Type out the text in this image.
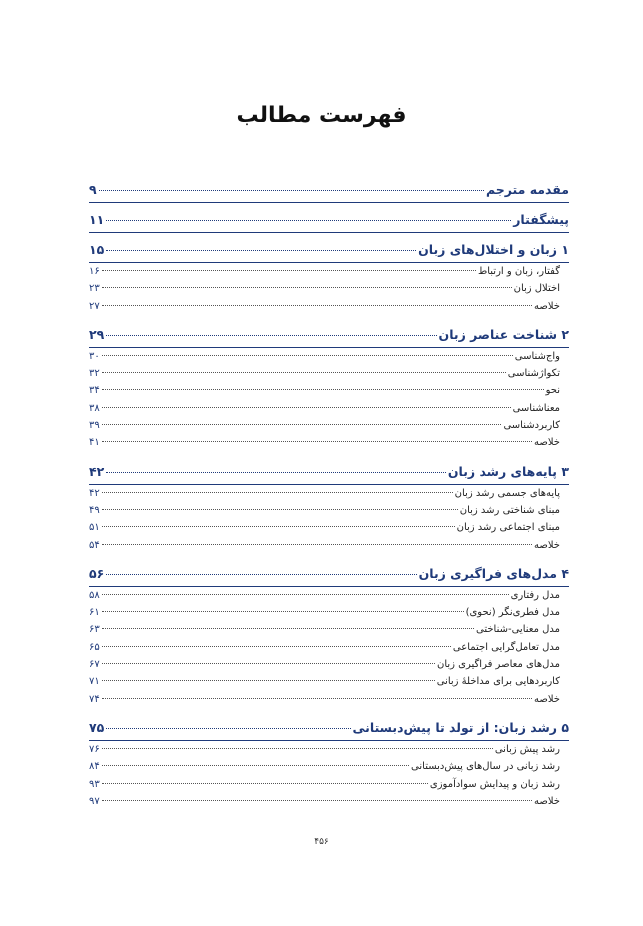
فهرست مطالب
مقدمه مترجم
۹
پیشگفتار
۱۱
۱ زبان و اختلال‌های زبان
۱۵
گفتار، زبان و ارتباط
۱۶
اختلال زبان
۲۳
خلاصه
۲۷
۲ شناخت عناصر زبان
۲۹
واج‌شناسی
۳۰
تکواژشناسی
۳۲
نحو
۳۴
معناشناسی
۳۸
کاربردشناسی
۳۹
خلاصه
۴۱
۳ پایه‌های رشد زبان
۴۲
پایه‌های جسمی رشد زبان
۴۲
مبنای شناختی رشد زبان
۴۹
مبنای اجتماعی رشد زبان
۵۱
خلاصه
۵۴
۴ مدل‌های فراگیری زبان
۵۶
مدل رفتاری
۵۸
مدل فطری‌نگر (نحوی)
۶۱
مدل معنایی-شناختی
۶۳
مدل تعامل‌گرایی اجتماعی
۶۵
مدل‌های معاصر فراگیری زبان
۶۷
کاربردهایی برای مداخلهٔ زبانی
۷۱
خلاصه
۷۴
۵ رشد زبان: از تولد تا پیش‌دبستانی
۷۵
رشد پیش زبانی
۷۶
رشد زبانی در سال‌های پیش‌دبستانی
۸۴
رشد زبان و پیدایش سوادآموزی
۹۳
خلاصه
۹۷
۴۵۶
